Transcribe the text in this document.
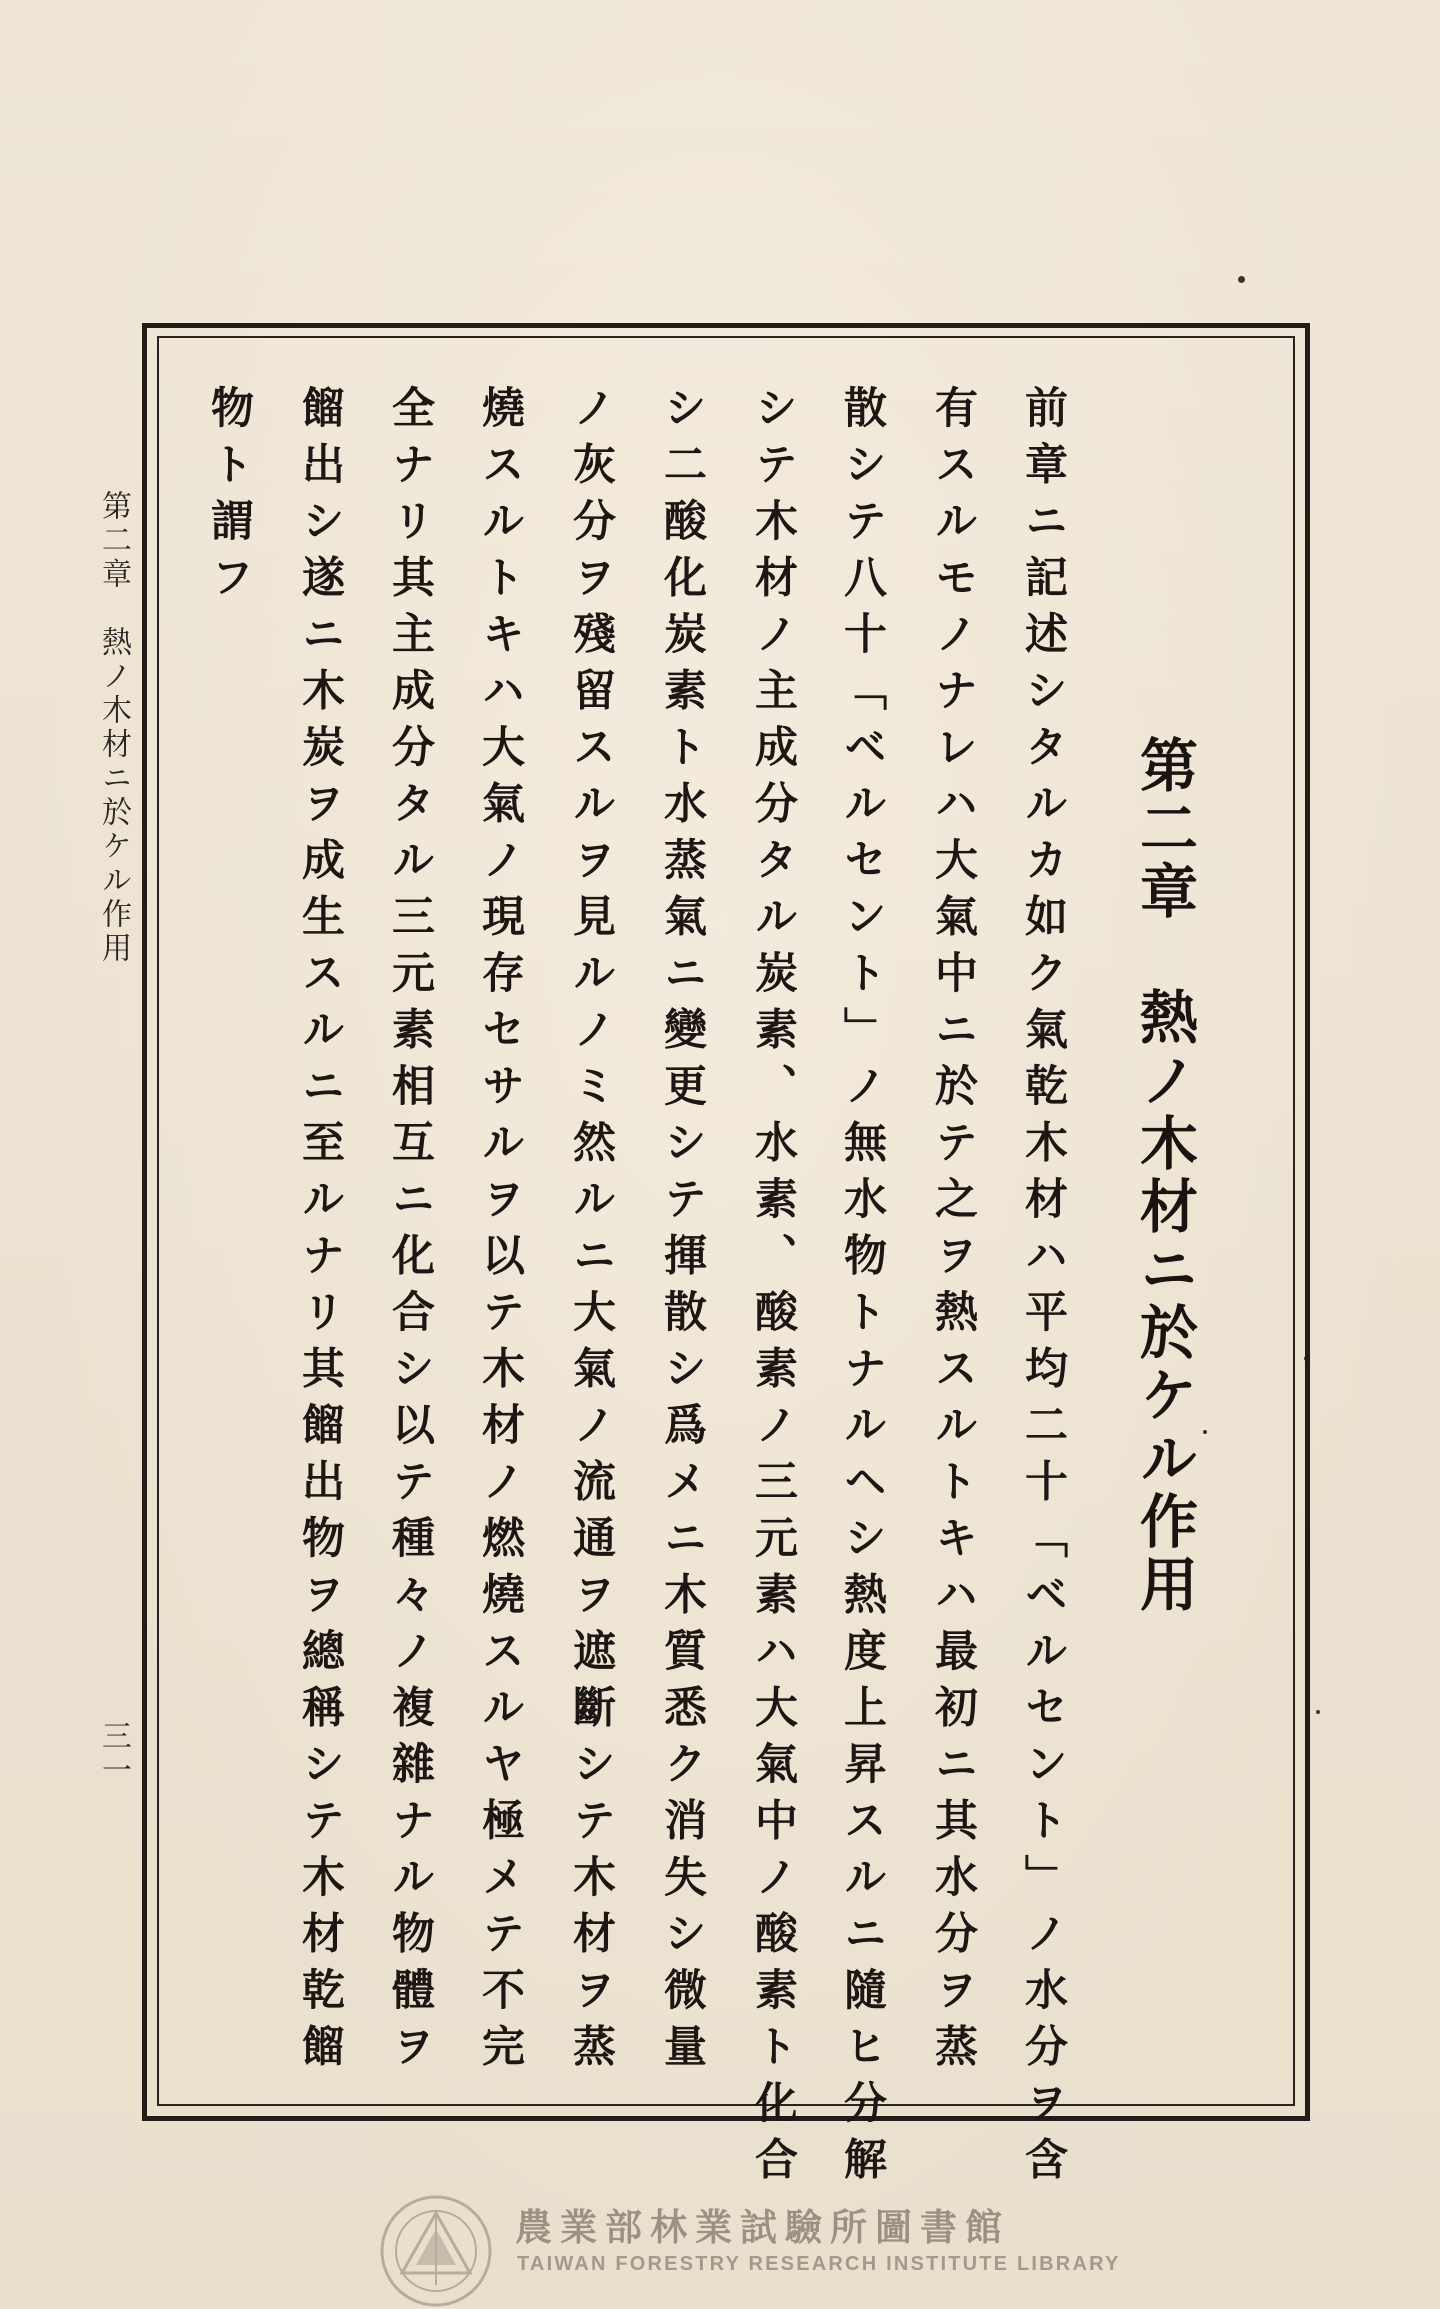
第二章　熱ノ木材ニ於ケル作用
前章ニ記述シタルカ如ク氣乾木材ハ平均二十「ベルセント」ノ水分ヲ含
有スルモノナレハ大氣中ニ於テ之ヲ熱スルトキハ最初ニ其水分ヲ蒸
散シテ八十「ベルセント」ノ無水物トナルヘシ熱度上昇スルニ隨ヒ分解
シテ木材ノ主成分タル炭素、水素、酸素ノ三元素ハ大氣中ノ酸素ト化合
シ二酸化炭素ト水蒸氣ニ變更シテ揮散シ爲メニ木質悉ク消失シ微量
ノ灰分ヲ殘留スルヲ見ルノミ然ルニ大氣ノ流通ヲ遮斷シテ木材ヲ蒸
燒スルトキハ大氣ノ現存セサルヲ以テ木材ノ燃燒スルヤ極メテ不完
全ナリ其主成分タル三元素相互ニ化合シ以テ種々ノ複雜ナル物體ヲ
餾出シ遂ニ木炭ヲ成生スルニ至ルナリ其餾出物ヲ總稱シテ木材乾餾
物ト謂フ
第二章　熱ノ木材ニ於ケル作用
三一
農業部林業試驗所圖書館
TAIWAN FORESTRY RESEARCH INSTITUTE LIBRARY
